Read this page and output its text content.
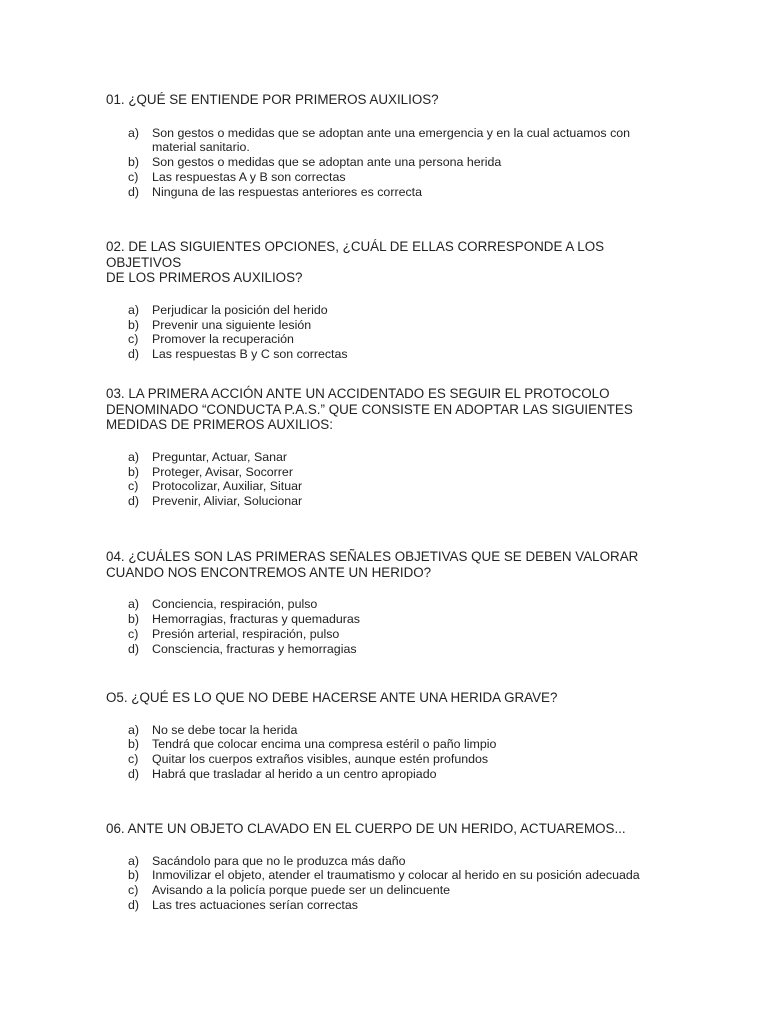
01. ¿QUÉ SE ENTIENDE POR PRIMEROS AUXILIOS?

a) Son gestos o medidas que se adoptan ante una emergencia y en la cual actuamos con material sanitario.
b) Son gestos o medidas que se adoptan ante una persona herida
c) Las respuestas A y B son correctas
d) Ninguna de las respuestas anteriores es correcta

02. DE LAS SIGUIENTES OPCIONES, ¿CUÁL DE ELLAS CORRESPONDE A LOS OBJETIVOS
DE LOS PRIMEROS AUXILIOS?

a) Perjudicar la posición del herido
b) Prevenir una siguiente lesión
c) Promover la recuperación
d) Las respuestas B y C son correctas

03. LA PRIMERA ACCIÓN ANTE UN ACCIDENTADO ES SEGUIR EL PROTOCOLO
DENOMINADO “CONDUCTA P.A.S.” QUE CONSISTE EN ADOPTAR LAS SIGUIENTES
MEDIDAS DE PRIMEROS AUXILIOS:

a) Preguntar, Actuar, Sanar
b) Proteger, Avisar, Socorrer
c) Protocolizar, Auxiliar, Situar
d) Prevenir, Aliviar, Solucionar

04. ¿CUÁLES SON LAS PRIMERAS SEÑALES OBJETIVAS QUE SE DEBEN VALORAR
CUANDO NOS ENCONTREMOS ANTE UN HERIDO?

a) Conciencia, respiración, pulso
b) Hemorragias, fracturas y quemaduras
c) Presión arterial, respiración, pulso
d) Consciencia, fracturas y hemorragias

O5. ¿QUÉ ES LO QUE NO DEBE HACERSE ANTE UNA HERIDA GRAVE?

a) No se debe tocar la herida
b) Tendrá que colocar encima una compresa estéril o paño limpio
c) Quitar los cuerpos extraños visibles, aunque estén profundos
d) Habrá que trasladar al herido a un centro apropiado

06. ANTE UN OBJETO CLAVADO EN EL CUERPO DE UN HERIDO, ACTUAREMOS...

a) Sacándolo para que no le produzca más daño
b) Inmovilizar el objeto, atender el traumatismo y colocar al herido en su posición adecuada
c) Avisando a la policía porque puede ser un delincuente
d) Las tres actuaciones serían correctas
